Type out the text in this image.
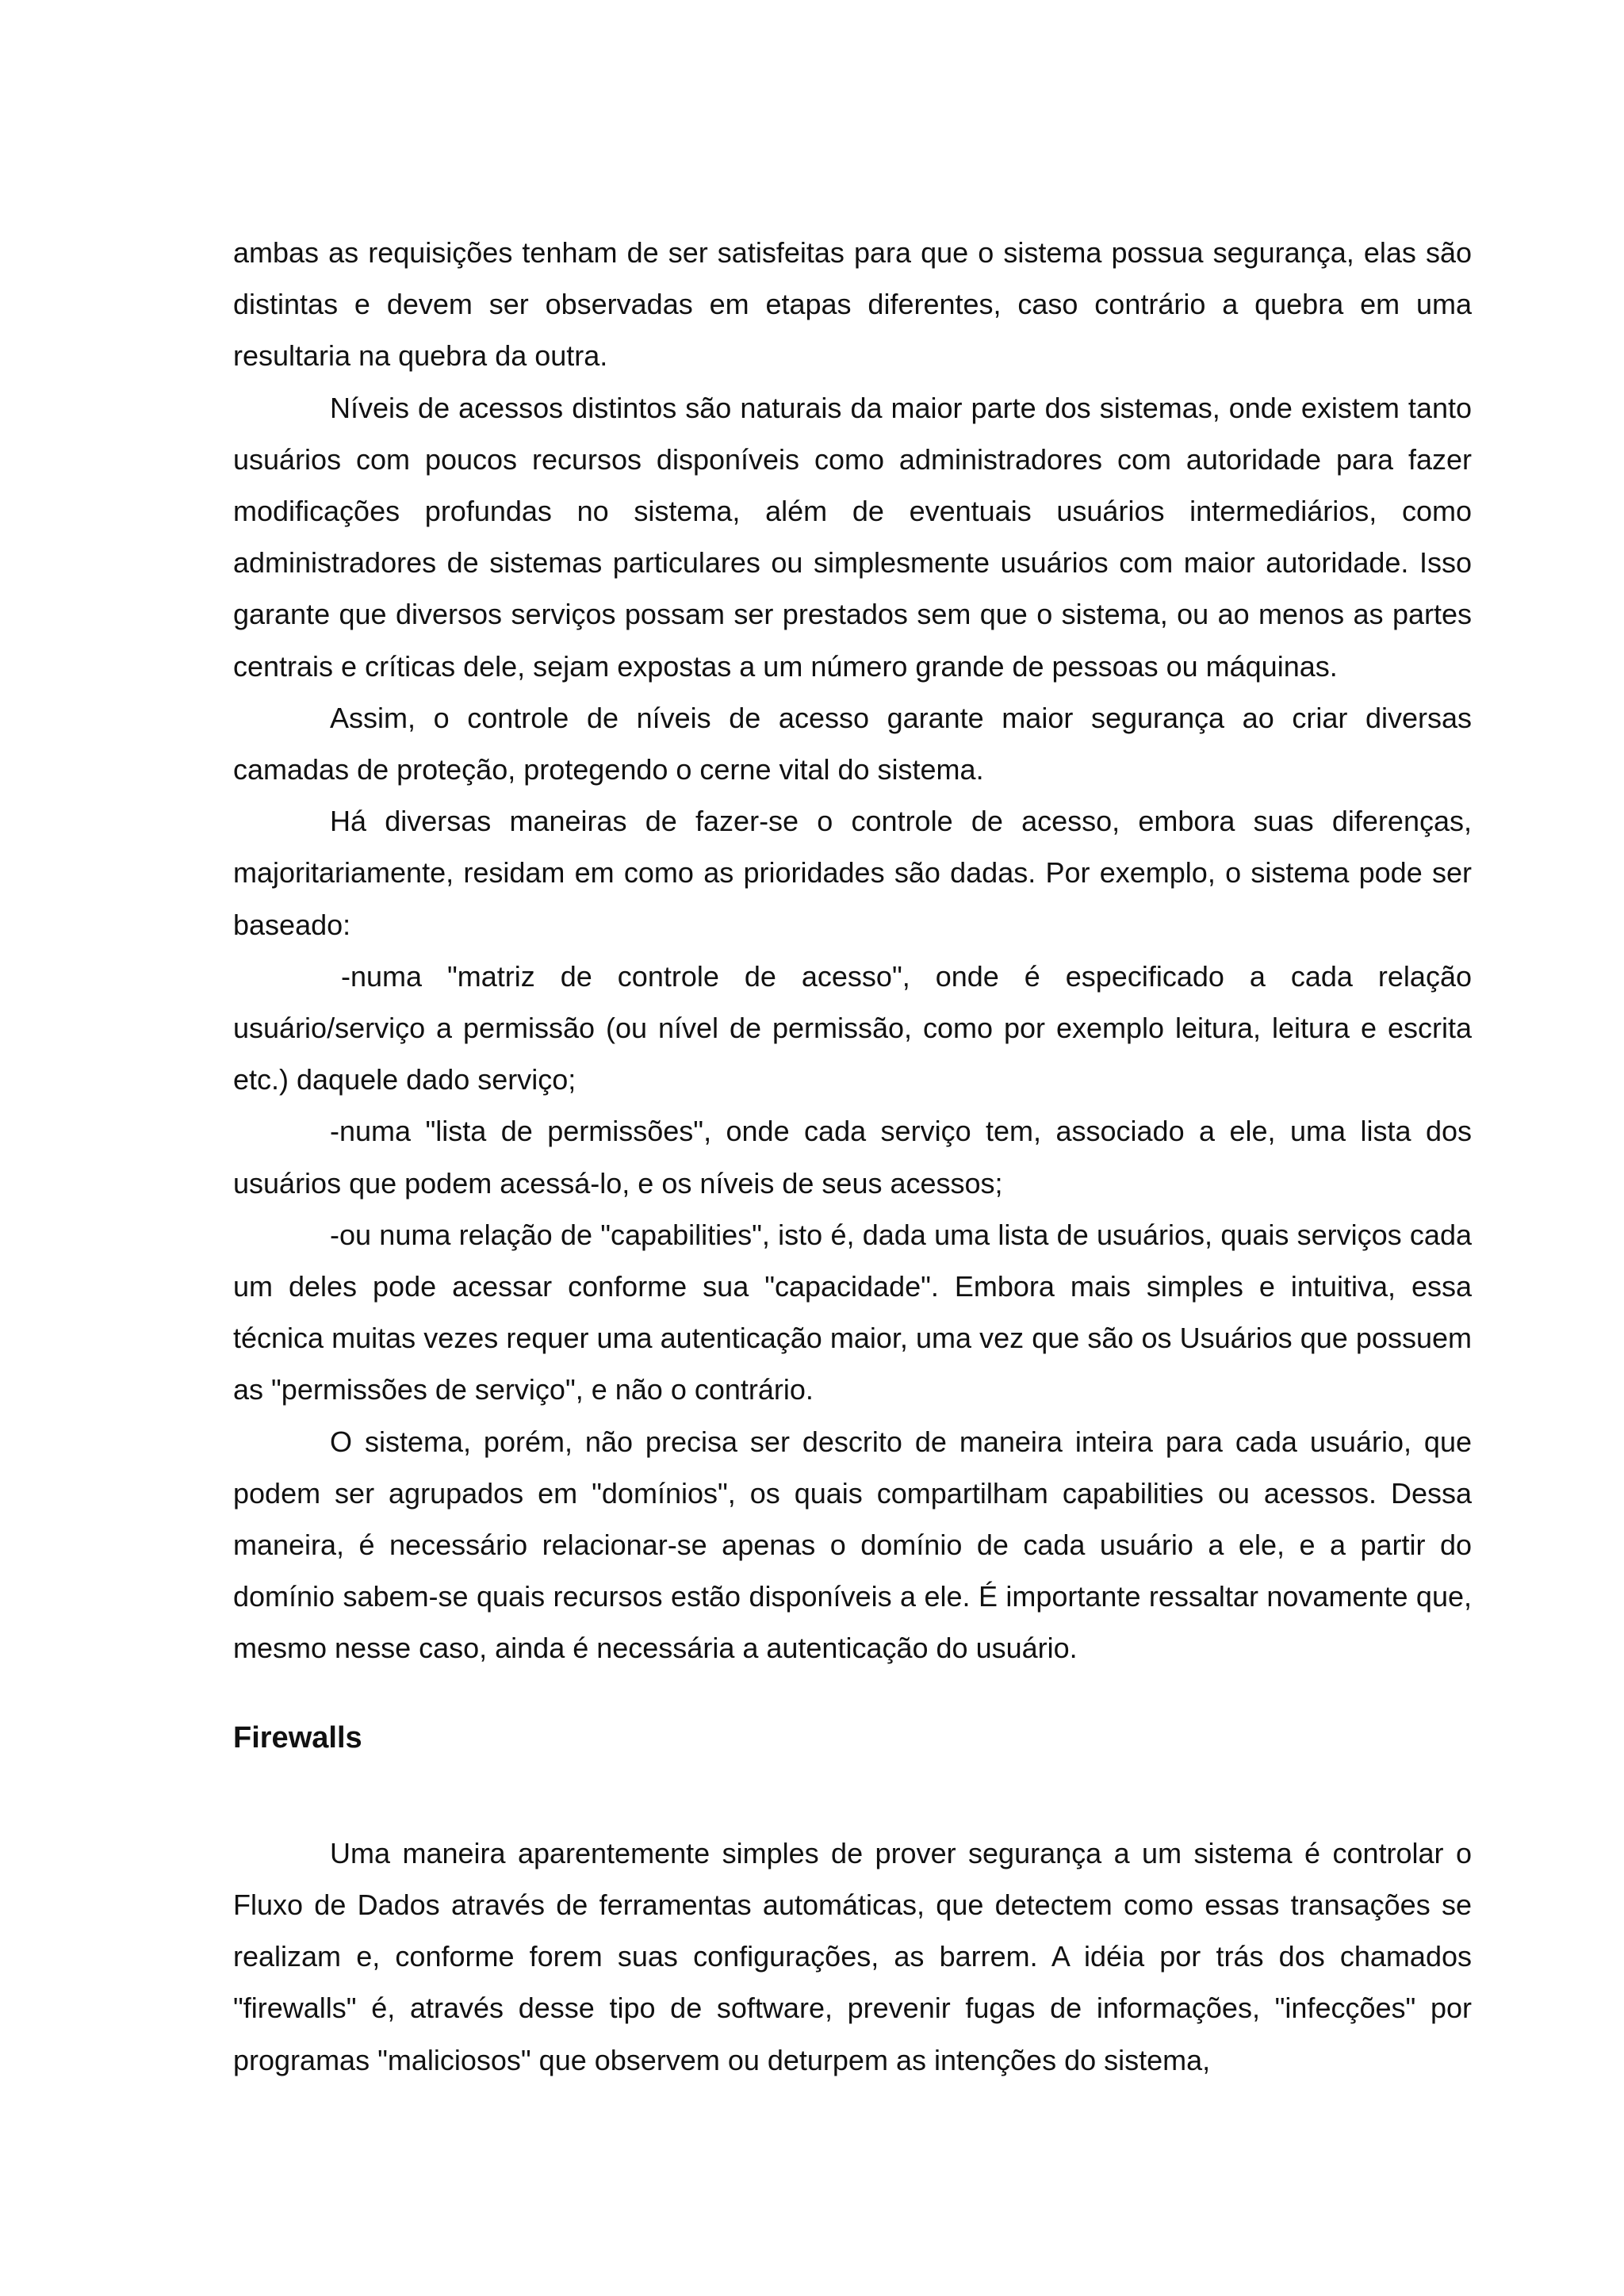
ambas as requisições tenham de ser satisfeitas para que o sistema possua segurança, elas são distintas e devem ser observadas em etapas diferentes, caso contrário a quebra em uma resultaria na quebra da outra.

Níveis de acessos distintos são naturais da maior parte dos sistemas, onde existem tanto usuários com poucos recursos disponíveis como administradores com autoridade para fazer modificações profundas no sistema, além de eventuais usuários intermediários, como administradores de sistemas particulares ou simplesmente usuários com maior autoridade. Isso garante que diversos serviços possam ser prestados sem que o sistema, ou ao menos as partes centrais e críticas dele, sejam expostas a um número grande de pessoas ou máquinas.

Assim, o controle de níveis de acesso garante maior segurança ao criar diversas camadas de proteção, protegendo o cerne vital do sistema.

Há diversas maneiras de fazer-se o controle de acesso, embora suas diferenças, majoritariamente, residam em como as prioridades são dadas. Por exemplo, o sistema pode ser baseado:

-numa "matriz de controle de acesso", onde é especificado a cada relação usuário/serviço a permissão (ou nível de permissão, como por exemplo leitura, leitura e escrita etc.) daquele dado serviço;

-numa "lista de permissões", onde cada serviço tem, associado a ele, uma lista dos usuários que podem acessá-lo, e os níveis de seus acessos;

-ou numa relação de "capabilities", isto é, dada uma lista de usuários, quais serviços cada um deles pode acessar conforme sua "capacidade". Embora mais simples e intuitiva, essa técnica muitas vezes requer uma autenticação maior, uma vez que são os Usuários que possuem as "permissões de serviço", e não o contrário.

O sistema, porém, não precisa ser descrito de maneira inteira para cada usuário, que podem ser agrupados em "domínios", os quais compartilham capabilities ou acessos. Dessa maneira, é necessário relacionar-se apenas o domínio de cada usuário a ele, e a partir do domínio sabem-se quais recursos estão disponíveis a ele. É importante ressaltar novamente que, mesmo nesse caso, ainda é necessária a autenticação do usuário.

Firewalls

Uma maneira aparentemente simples de prover segurança a um sistema é controlar o Fluxo de Dados através de ferramentas automáticas, que detectem como essas transações se realizam e, conforme forem suas configurações, as barrem. A idéia por trás dos chamados "firewalls" é, através desse tipo de software, prevenir fugas de informações, "infecções" por programas "maliciosos" que observem ou deturpem as intenções do sistema,
